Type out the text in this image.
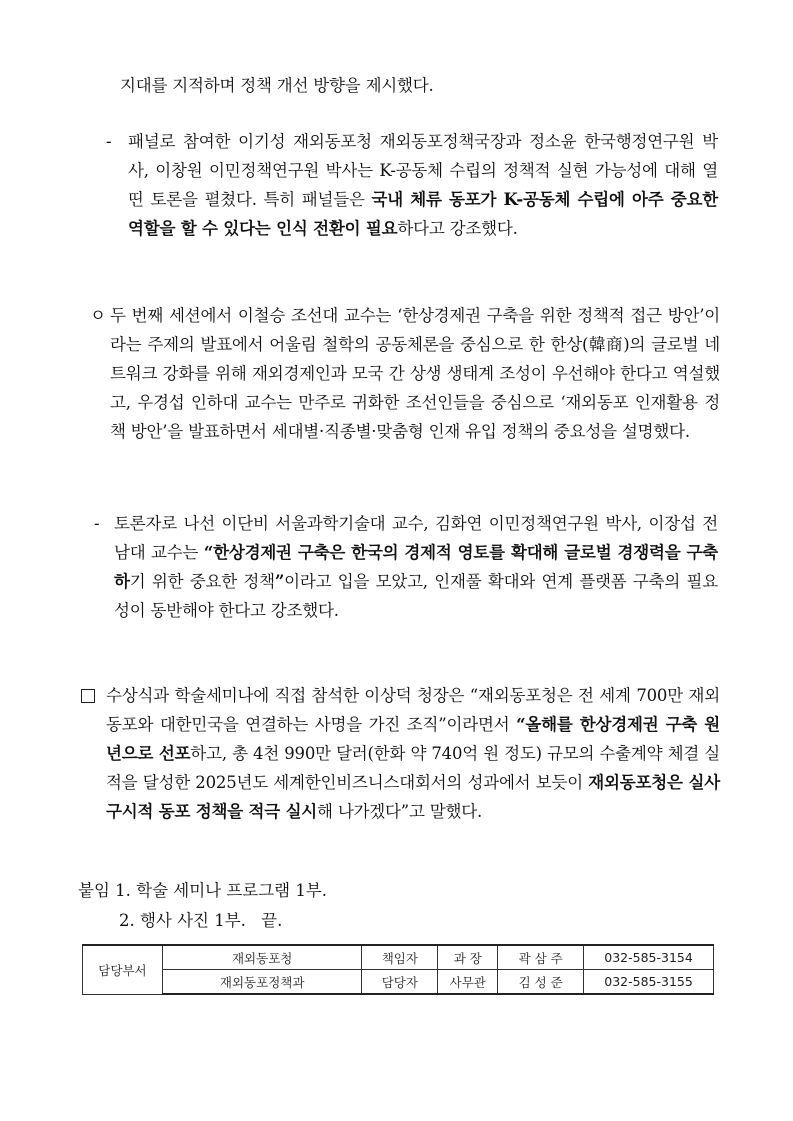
지대를 지적하며 정책 개선 방향을 제시했다.
- 패널로 참여한 이기성 재외동포청 재외동포정책국장과 정소윤 한국행정연구원 박사, 이창원 이민정책연구원 박사는 K-공동체 수립의 정책적 실현 가능성에 대해 열띤 토론을 펼쳤다. 특히 패널들은 국내 체류 동포가 K-공동체 수립에 아주 중요한 역할을 할 수 있다는 인식 전환이 필요하다고 강조했다.
ㅇ 두 번째 세션에서 이철승 조선대 교수는 ‘한상경제권 구축을 위한 정책적 접근 방안’이라는 주제의 발표에서 어울림 철학의 공동체론을 중심으로 한 한상(韓商)의 글로벌 네트워크 강화를 위해 재외경제인과 모국 간 상생 생태계 조성이 우선해야 한다고 역설했고, 우경섭 인하대 교수는 만주로 귀화한 조선인들을 중심으로 ‘재외동포 인재활용 정책 방안’을 발표하면서 세대별·직종별·맞춤형 인재 유입 정책의 중요성을 설명했다.
- 토론자로 나선 이단비 서울과학기술대 교수, 김화연 이민정책연구원 박사, 이장섭 전남대 교수는 “한상경제권 구축은 한국의 경제적 영토를 확대해 글로벌 경쟁력을 구축하기 위한 중요한 정책”이라고 입을 모았고, 인재풀 확대와 연계 플랫폼 구축의 필요성이 동반해야 한다고 강조했다.
수상식과 학술세미나에 직접 참석한 이상덕 청장은 “재외동포청은 전 세계 700만 재외동포와 대한민국을 연결하는 사명을 가진 조직”이라면서 “올해를 한상경제권 구축 원년으로 선포하고, 총 4천 990만 달러(한화 약 740억 원 정도) 규모의 수출계약 체결 실적을 달성한 2025년도 세계한인비즈니스대회서의 성과에서 보듯이 재외동포청은 실사구시적 동포 정책을 적극 실시해 나가겠다”고 말했다.
붙임 1. 학술 세미나 프로그램 1부.
2. 행사 사진 1부. 끝.
담당부서	재외동포청	책임자	과 장	곽 삼 주	032-585-3154
	재외동포정책과	담당자	사무관	김 성 준	032-585-3155
